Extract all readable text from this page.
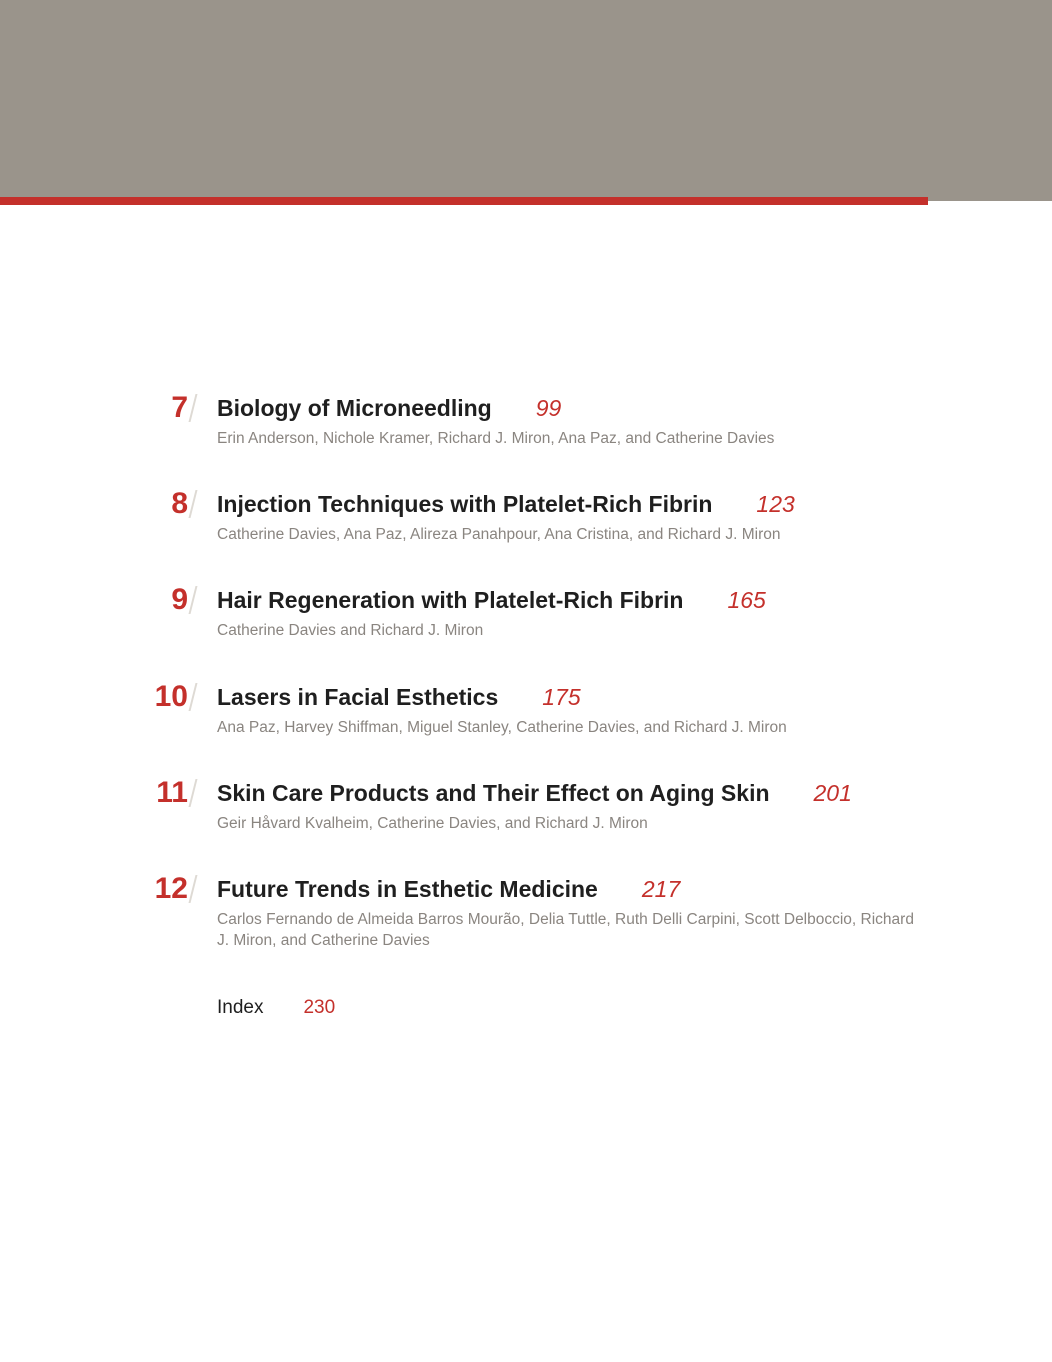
7 Biology of Microneedling 99
Erin Anderson, Nichole Kramer, Richard J. Miron, Ana Paz, and Catherine Davies
8 Injection Techniques with Platelet-Rich Fibrin 123
Catherine Davies, Ana Paz, Alireza Panahpour, Ana Cristina, and Richard J. Miron
9 Hair Regeneration with Platelet-Rich Fibrin 165
Catherine Davies and Richard J. Miron
10 Lasers in Facial Esthetics 175
Ana Paz, Harvey Shiffman, Miguel Stanley, Catherine Davies, and Richard J. Miron
11 Skin Care Products and Their Effect on Aging Skin 201
Geir Håvard Kvalheim, Catherine Davies, and Richard J. Miron
12 Future Trends in Esthetic Medicine 217
Carlos Fernando de Almeida Barros Mourão, Delia Tuttle, Ruth Delli Carpini, Scott Delboccio, Richard J. Miron, and Catherine Davies
Index 230
